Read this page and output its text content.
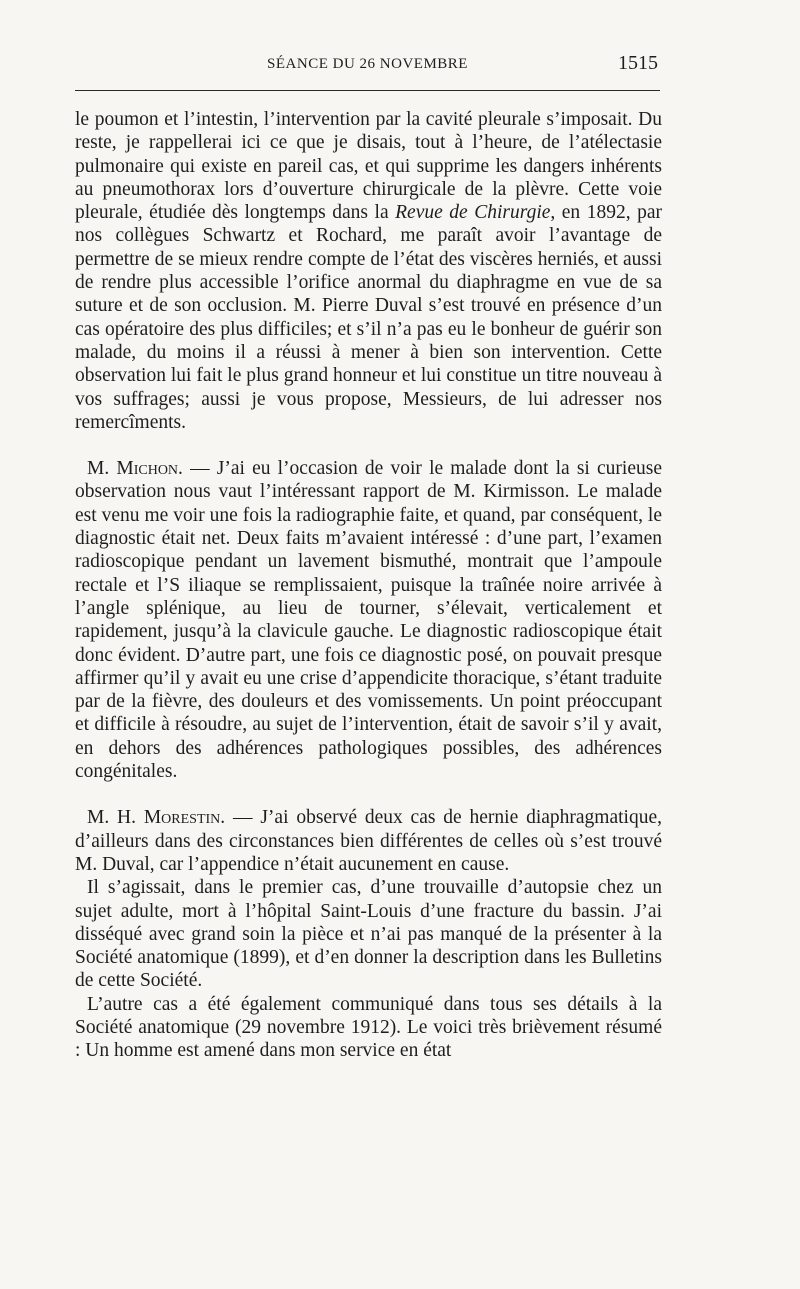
SÉANCE DU 26 NOVEMBRE	1515

le poumon et l’intestin, l’intervention par la cavité pleurale s’imposait. Du reste, je rappellerai ici ce que je disais, tout à l’heure, de l’atélectasie pulmonaire qui existe en pareil cas, et qui supprime les dangers inhérents au pneumothorax lors d’ouverture chirurgicale de la plèvre. Cette voie pleurale, étudiée dès longtemps dans la Revue de Chirurgie, en 1892, par nos collègues Schwartz et Rochard, me paraît avoir l’avantage de permettre de se mieux rendre compte de l’état des viscères herniés, et aussi de rendre plus accessible l’orifice anormal du diaphragme en vue de sa suture et de son occlusion. M. Pierre Duval s’est trouvé en présence d’un cas opératoire des plus difficiles; et s’il n’a pas eu le bonheur de guérir son malade, du moins il a réussi à mener à bien son intervention. Cette observation lui fait le plus grand honneur et lui constitue un titre nouveau à vos suffrages; aussi je vous propose, Messieurs, de lui adresser nos remercîments.

M. Michon. — J’ai eu l’occasion de voir le malade dont la si curieuse observation nous vaut l’intéressant rapport de M. Kirmisson. Le malade est venu me voir une fois la radiographie faite, et quand, par conséquent, le diagnostic était net. Deux faits m’avaient intéressé : d’une part, l’examen radioscopique pendant un lavement bismuthé, montrait que l’ampoule rectale et l’S iliaque se remplissaient, puisque la traînée noire arrivée à l’angle splénique, au lieu de tourner, s’élevait, verticalement et rapidement, jusqu’à la clavicule gauche. Le diagnostic radioscopique était donc évident. D’autre part, une fois ce diagnostic posé, on pouvait presque affirmer qu’il y avait eu une crise d’appendicite thoracique, s’étant traduite par de la fièvre, des douleurs et des vomissements. Un point préoccupant et difficile à résoudre, au sujet de l’intervention, était de savoir s’il y avait, en dehors des adhérences pathologiques possibles, des adhérences congénitales.

M. H. Morestin. — J’ai observé deux cas de hernie diaphragmatique, d’ailleurs dans des circonstances bien différentes de celles où s’est trouvé M. Duval, car l’appendice n’était aucunement en cause.

Il s’agissait, dans le premier cas, d’une trouvaille d’autopsie chez un sujet adulte, mort à l’hôpital Saint-Louis d’une fracture du bassin. J’ai disséqué avec grand soin la pièce et n’ai pas manqué de la présenter à la Société anatomique (1899), et d’en donner la description dans les Bulletins de cette Société.

L’autre cas a été également communiqué dans tous ses détails à la Société anatomique (29 novembre 1912). Le voici très brièvement résumé : Un homme est amené dans mon service en état
